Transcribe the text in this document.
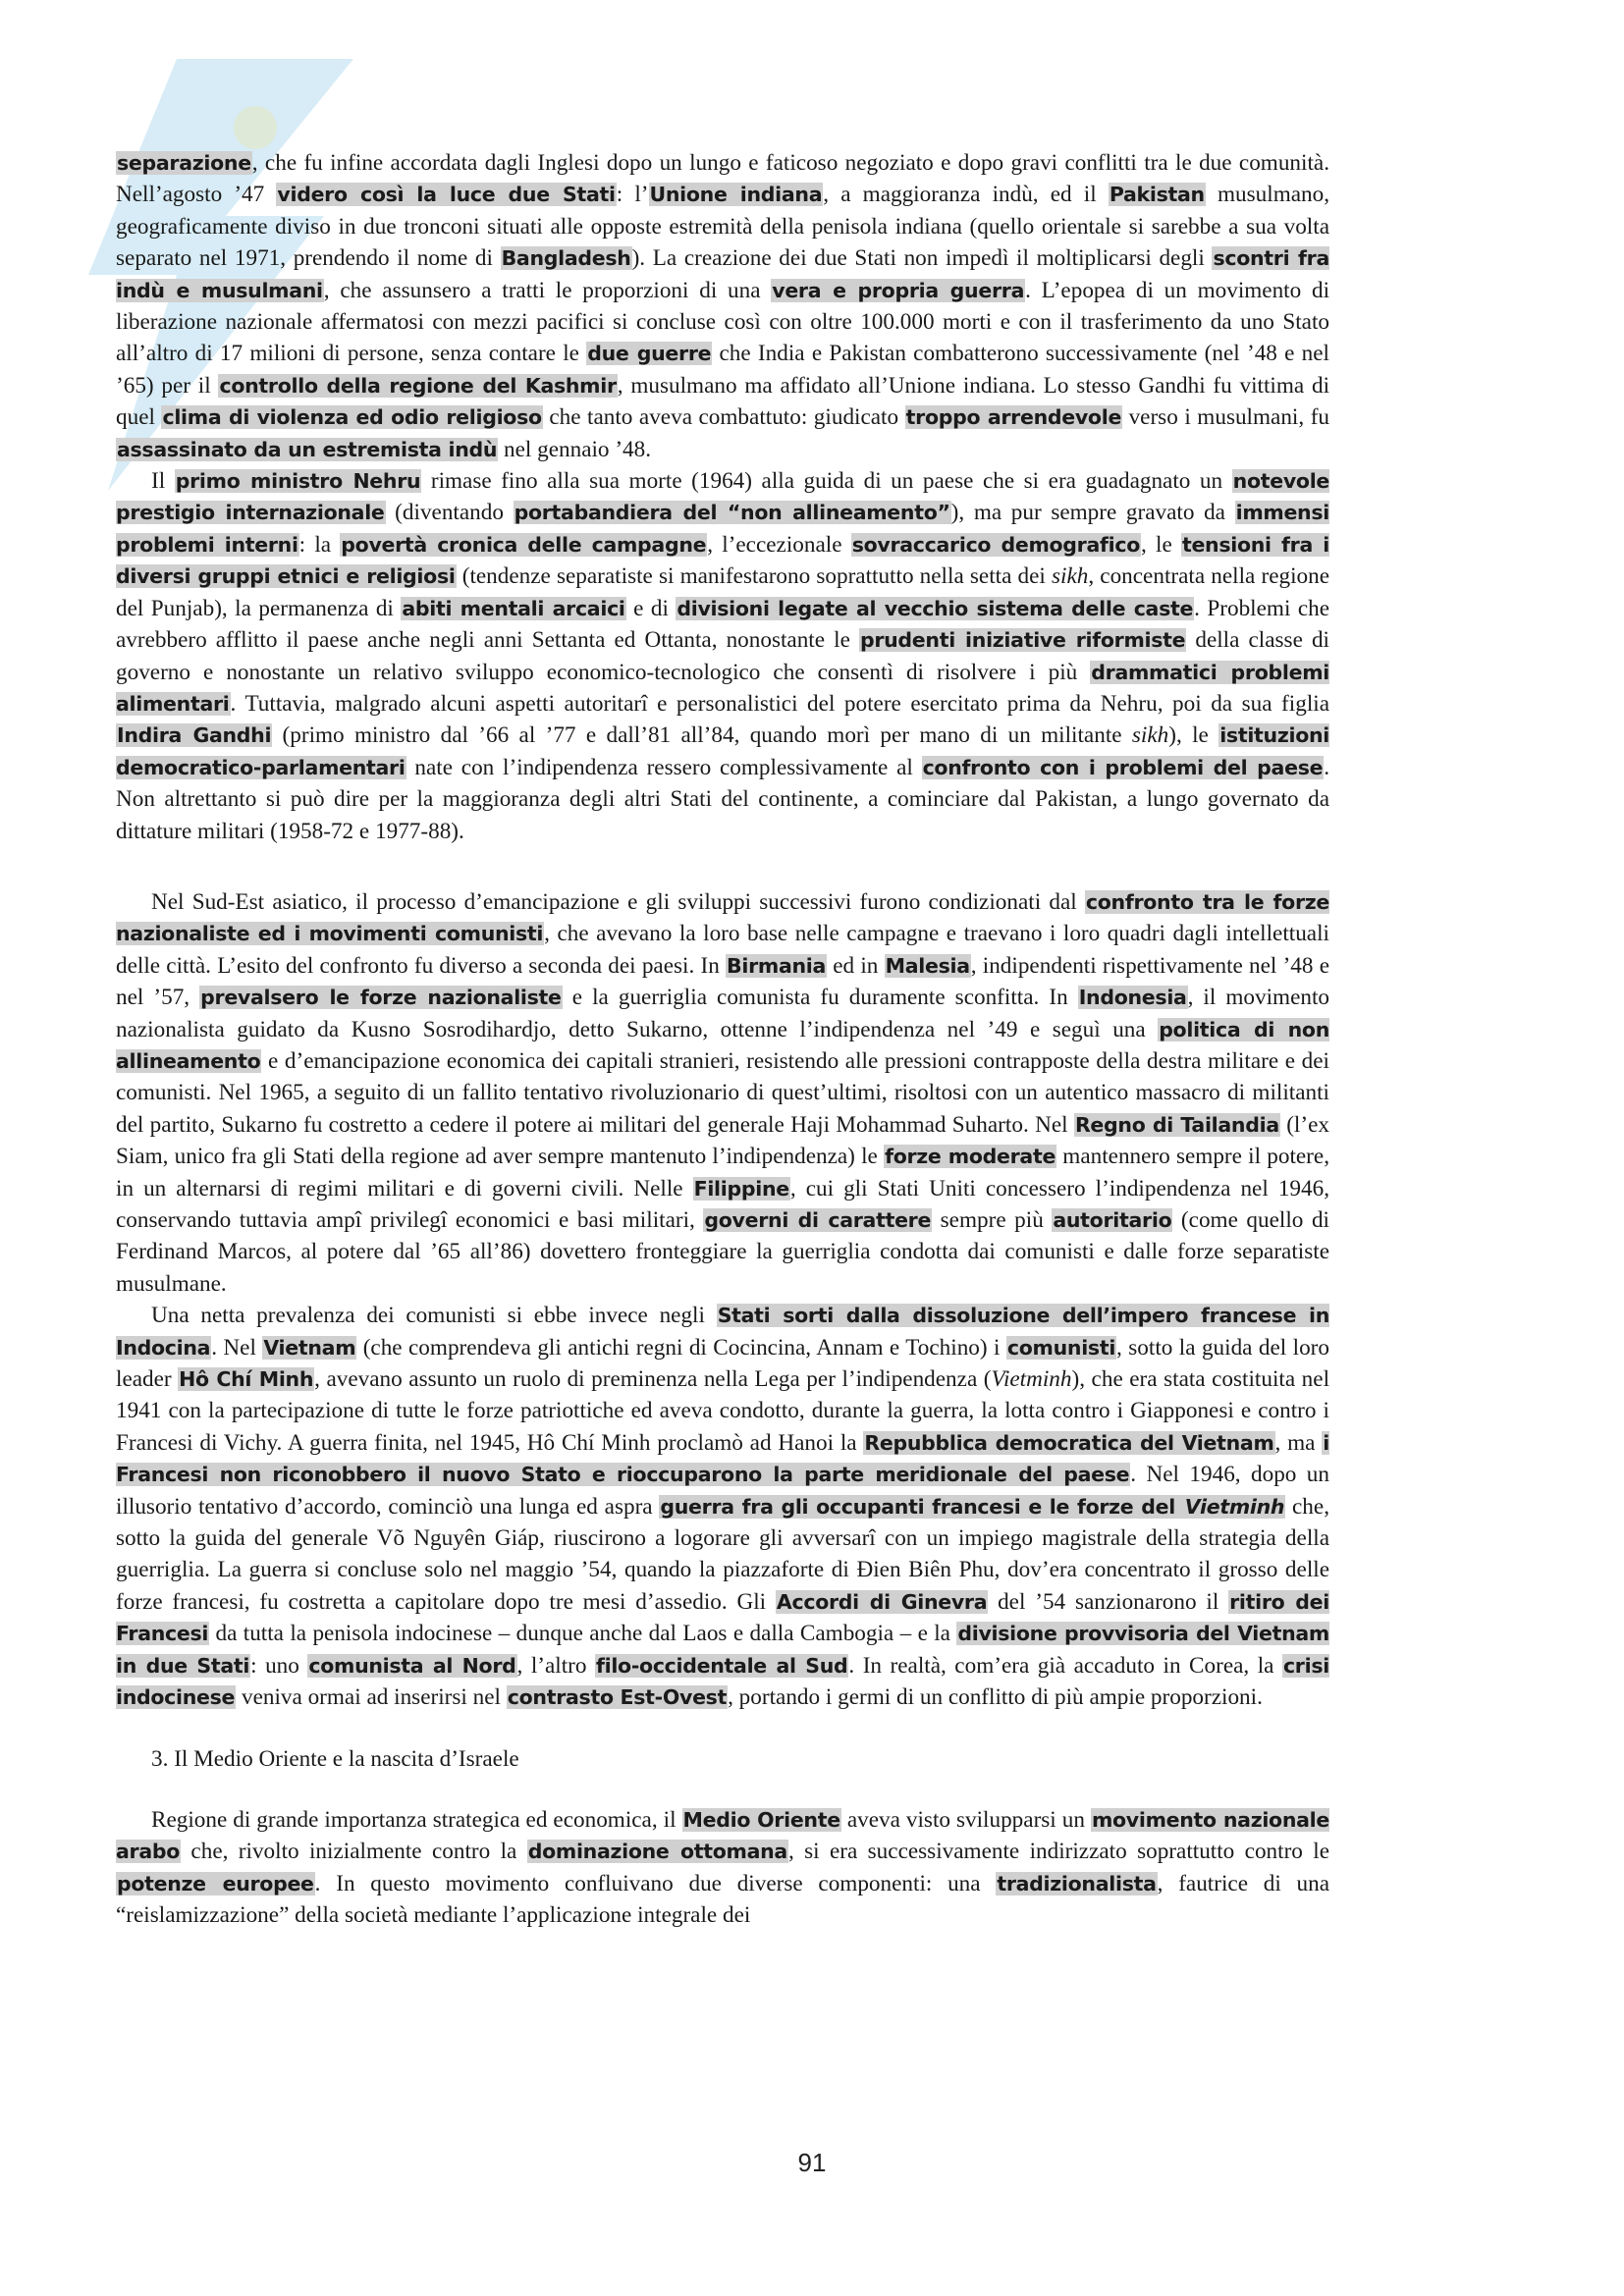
separazione, che fu infine accordata dagli Inglesi dopo un lungo e faticoso negoziato e dopo gravi conflitti tra le due comunità. Nell’agosto ’47 videro così la luce due Stati: l’Unione indiana, a maggioranza indù, ed il Pakistan musulmano, geograficamente diviso in due tronconi situati alle opposte estremità della penisola indiana (quello orientale si sarebbe a sua volta separato nel 1971, prendendo il nome di Bangladesh). La creazione dei due Stati non impedì il moltiplicarsi degli scontri fra indù e musulmani, che assunsero a tratti le proporzioni di una vera e propria guerra. L’epopea di un movimento di liberazione nazionale affermatosi con mezzi pacifici si concluse così con oltre 100.000 morti e con il trasferimento da uno Stato all’altro di 17 milioni di persone, senza contare le due guerre che India e Pakistan combatterono successivamente (nel ’48 e nel ’65) per il controllo della regione del Kashmir, musulmano ma affidato all’Unione indiana. Lo stesso Gandhi fu vittima di quel clima di violenza ed odio religioso che tanto aveva combattuto: giudicato troppo arrendevole verso i musulmani, fu assassinato da un estremista indù nel gennaio ’48.

Il primo ministro Nehru rimase fino alla sua morte (1964) alla guida di un paese che si era guadagnato un notevole prestigio internazionale (diventando portabandiera del “non allineamento”), ma pur sempre gravato da immensi problemi interni: la povertà cronica delle campagne, l’eccezionale sovraccarico demografico, le tensioni fra i diversi gruppi etnici e religiosi (tendenze separatiste si manifestarono soprattutto nella setta dei sikh, concentrata nella regione del Punjab), la permanenza di abiti mentali arcaici e di divisioni legate al vecchio sistema delle caste. Problemi che avrebbero afflitto il paese anche negli anni Settanta ed Ottanta, nonostante le prudenti iniziative riformiste della classe di governo e nonostante un relativo sviluppo economico-tecnologico che consentì di risolvere i più drammatici problemi alimentari. Tuttavia, malgrado alcuni aspetti autoritarî e personalistici del potere esercitato prima da Nehru, poi da sua figlia Indira Gandhi (primo ministro dal ’66 al ’77 e dall’81 all’84, quando morì per mano di un militante sikh), le istituzioni democratico-parlamentari nate con l’indipendenza ressero complessivamente al confronto con i problemi del paese. Non altrettanto si può dire per la maggioranza degli altri Stati del continente, a cominciare dal Pakistan, a lungo governato da dittature militari (1958-72 e 1977-88).

Nel Sud-Est asiatico, il processo d’emancipazione e gli sviluppi successivi furono condizionati dal confronto tra le forze nazionaliste ed i movimenti comunisti, che avevano la loro base nelle campagne e traevano i loro quadri dagli intellettuali delle città. L’esito del confronto fu diverso a seconda dei paesi. In Birmania ed in Malesia, indipendenti rispettivamente nel ’48 e nel ’57, prevalsero le forze nazionaliste e la guerriglia comunista fu duramente sconfitta. In Indonesia, il movimento nazionalista guidato da Kusno Sosrodihardjo, detto Sukarno, ottenne l’indipendenza nel ’49 e seguì una politica di non allineamento e d’emancipazione economica dei capitali stranieri, resistendo alle pressioni contrapposte della destra militare e dei comunisti. Nel 1965, a seguito di un fallito tentativo rivoluzionario di quest’ultimi, risoltosi con un autentico massacro di militanti del partito, Sukarno fu costretto a cedere il potere ai militari del generale Haji Mohammad Suharto. Nel Regno di Tailandia (l’ex Siam, unico fra gli Stati della regione ad aver sempre mantenuto l’indipendenza) le forze moderate mantennero sempre il potere, in un alternarsi di regimi militari e di governi civili. Nelle Filippine, cui gli Stati Uniti concessero l’indipendenza nel 1946, conservando tuttavia ampî privilegî economici e basi militari, governi di carattere sempre più autoritario (come quello di Ferdinand Marcos, al potere dal ’65 all’86) dovettero fronteggiare la guerriglia condotta dai comunisti e dalle forze separatiste musulmane.

Una netta prevalenza dei comunisti si ebbe invece negli Stati sorti dalla dissoluzione dell’impero francese in Indocina. Nel Vietnam (che comprendeva gli antichi regni di Cocincina, Annam e Tochino) i comunisti, sotto la guida del loro leader Hô Chí Minh, avevano assunto un ruolo di preminenza nella Lega per l’indipendenza (Vietminh), che era stata costituita nel 1941 con la partecipazione di tutte le forze patriottiche ed aveva condotto, durante la guerra, la lotta contro i Giapponesi e contro i Francesi di Vichy. A guerra finita, nel 1945, Hô Chí Minh proclamò ad Hanoi la Repubblica democratica del Vietnam, ma i Francesi non riconobbero il nuovo Stato e rioccuparono la parte meridionale del paese. Nel 1946, dopo un illusorio tentativo d’accordo, cominciò una lunga ed aspra guerra fra gli occupanti francesi e le forze del Vietminh che, sotto la guida del generale Võ Nguyên Giáp, riuscirono a logorare gli avversarî con un impiego magistrale della strategia della guerriglia. La guerra si concluse solo nel maggio ’54, quando la piazzaforte di Ðien Biên Phu, dov’era concentrato il grosso delle forze francesi, fu costretta a capitolare dopo tre mesi d’assedio. Gli Accordi di Ginevra del ’54 sanzionarono il ritiro dei Francesi da tutta la penisola indocinese – dunque anche dal Laos e dalla Cambogia – e la divisione provvisoria del Vietnam in due Stati: uno comunista al Nord, l’altro filo-occidentale al Sud. In realtà, com’era già accaduto in Corea, la crisi indocinese veniva ormai ad inserirsi nel contrasto Est-Ovest, portando i germi di un conflitto di più ampie proporzioni.

3. Il Medio Oriente e la nascita d’Israele

Regione di grande importanza strategica ed economica, il Medio Oriente aveva visto svilupparsi un movimento nazionale arabo che, rivolto inizialmente contro la dominazione ottomana, si era successivamente indirizzato soprattutto contro le potenze europee. In questo movimento confluivano due diverse componenti: una tradizionalista, fautrice di una “reislamizzazione” della società mediante l’applicazione integrale dei

91
